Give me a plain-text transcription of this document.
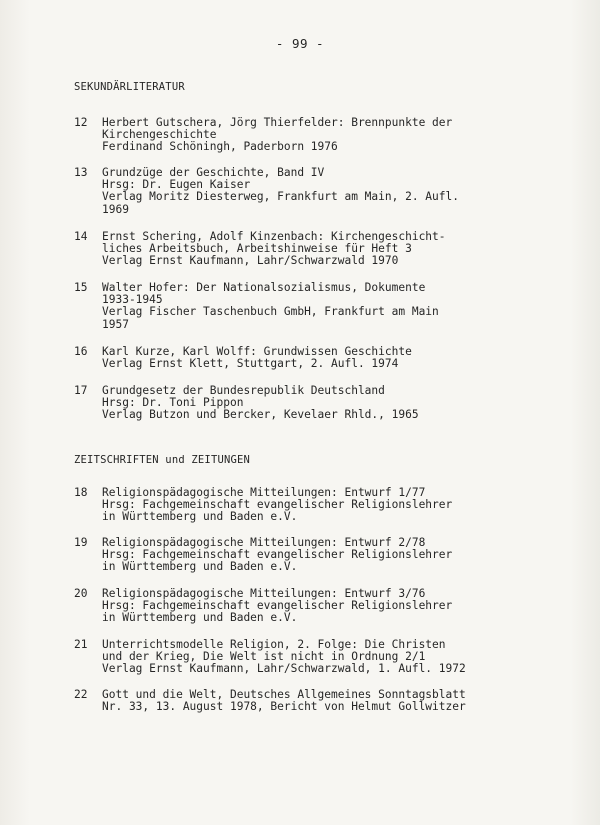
- 99 -
SEKUNDÄRLITERATUR
12	Herbert Gutschera, Jörg Thierfelder: Brennpunkte der
Kirchengeschichte
Ferdinand Schöningh, Paderborn 1976
13	Grundzüge der Geschichte, Band IV
Hrsg: Dr. Eugen Kaiser
Verlag Moritz Diesterweg, Frankfurt am Main, 2. Aufl.
1969
14	Ernst Schering, Adolf Kinzenbach: Kirchengeschicht-
liches Arbeitsbuch, Arbeitshinweise für Heft 3
Verlag Ernst Kaufmann, Lahr/Schwarzwald 1970
15	Walter Hofer: Der Nationalsozialismus, Dokumente
1933-1945
Verlag Fischer Taschenbuch GmbH, Frankfurt am Main
1957
16	Karl Kurze, Karl Wolff: Grundwissen Geschichte
Verlag Ernst Klett, Stuttgart, 2. Aufl. 1974
17	Grundgesetz der Bundesrepublik Deutschland
Hrsg: Dr. Toni Pippon
Verlag Butzon und Bercker, Kevelaer Rhld., 1965
ZEITSCHRIFTEN und ZEITUNGEN
18	Religionspädagogische Mitteilungen: Entwurf 1/77
Hrsg: Fachgemeinschaft evangelischer Religionslehrer
in Württemberg und Baden e.V.
19	Religionspädagogische Mitteilungen: Entwurf 2/78
Hrsg: Fachgemeinschaft evangelischer Religionslehrer
in Württemberg und Baden e.V.
20	Religionspädagogische Mitteilungen: Entwurf 3/76
Hrsg: Fachgemeinschaft evangelischer Religionslehrer
in Württemberg und Baden e.V.
21	Unterrichtsmodelle Religion, 2. Folge: Die Christen
und der Krieg, Die Welt ist nicht in Ordnung 2/1
Verlag Ernst Kaufmann, Lahr/Schwarzwald, 1. Aufl. 1972
22	Gott und die Welt, Deutsches Allgemeines Sonntagsblatt
Nr. 33, 13. August 1978, Bericht von Helmut Gollwitzer
